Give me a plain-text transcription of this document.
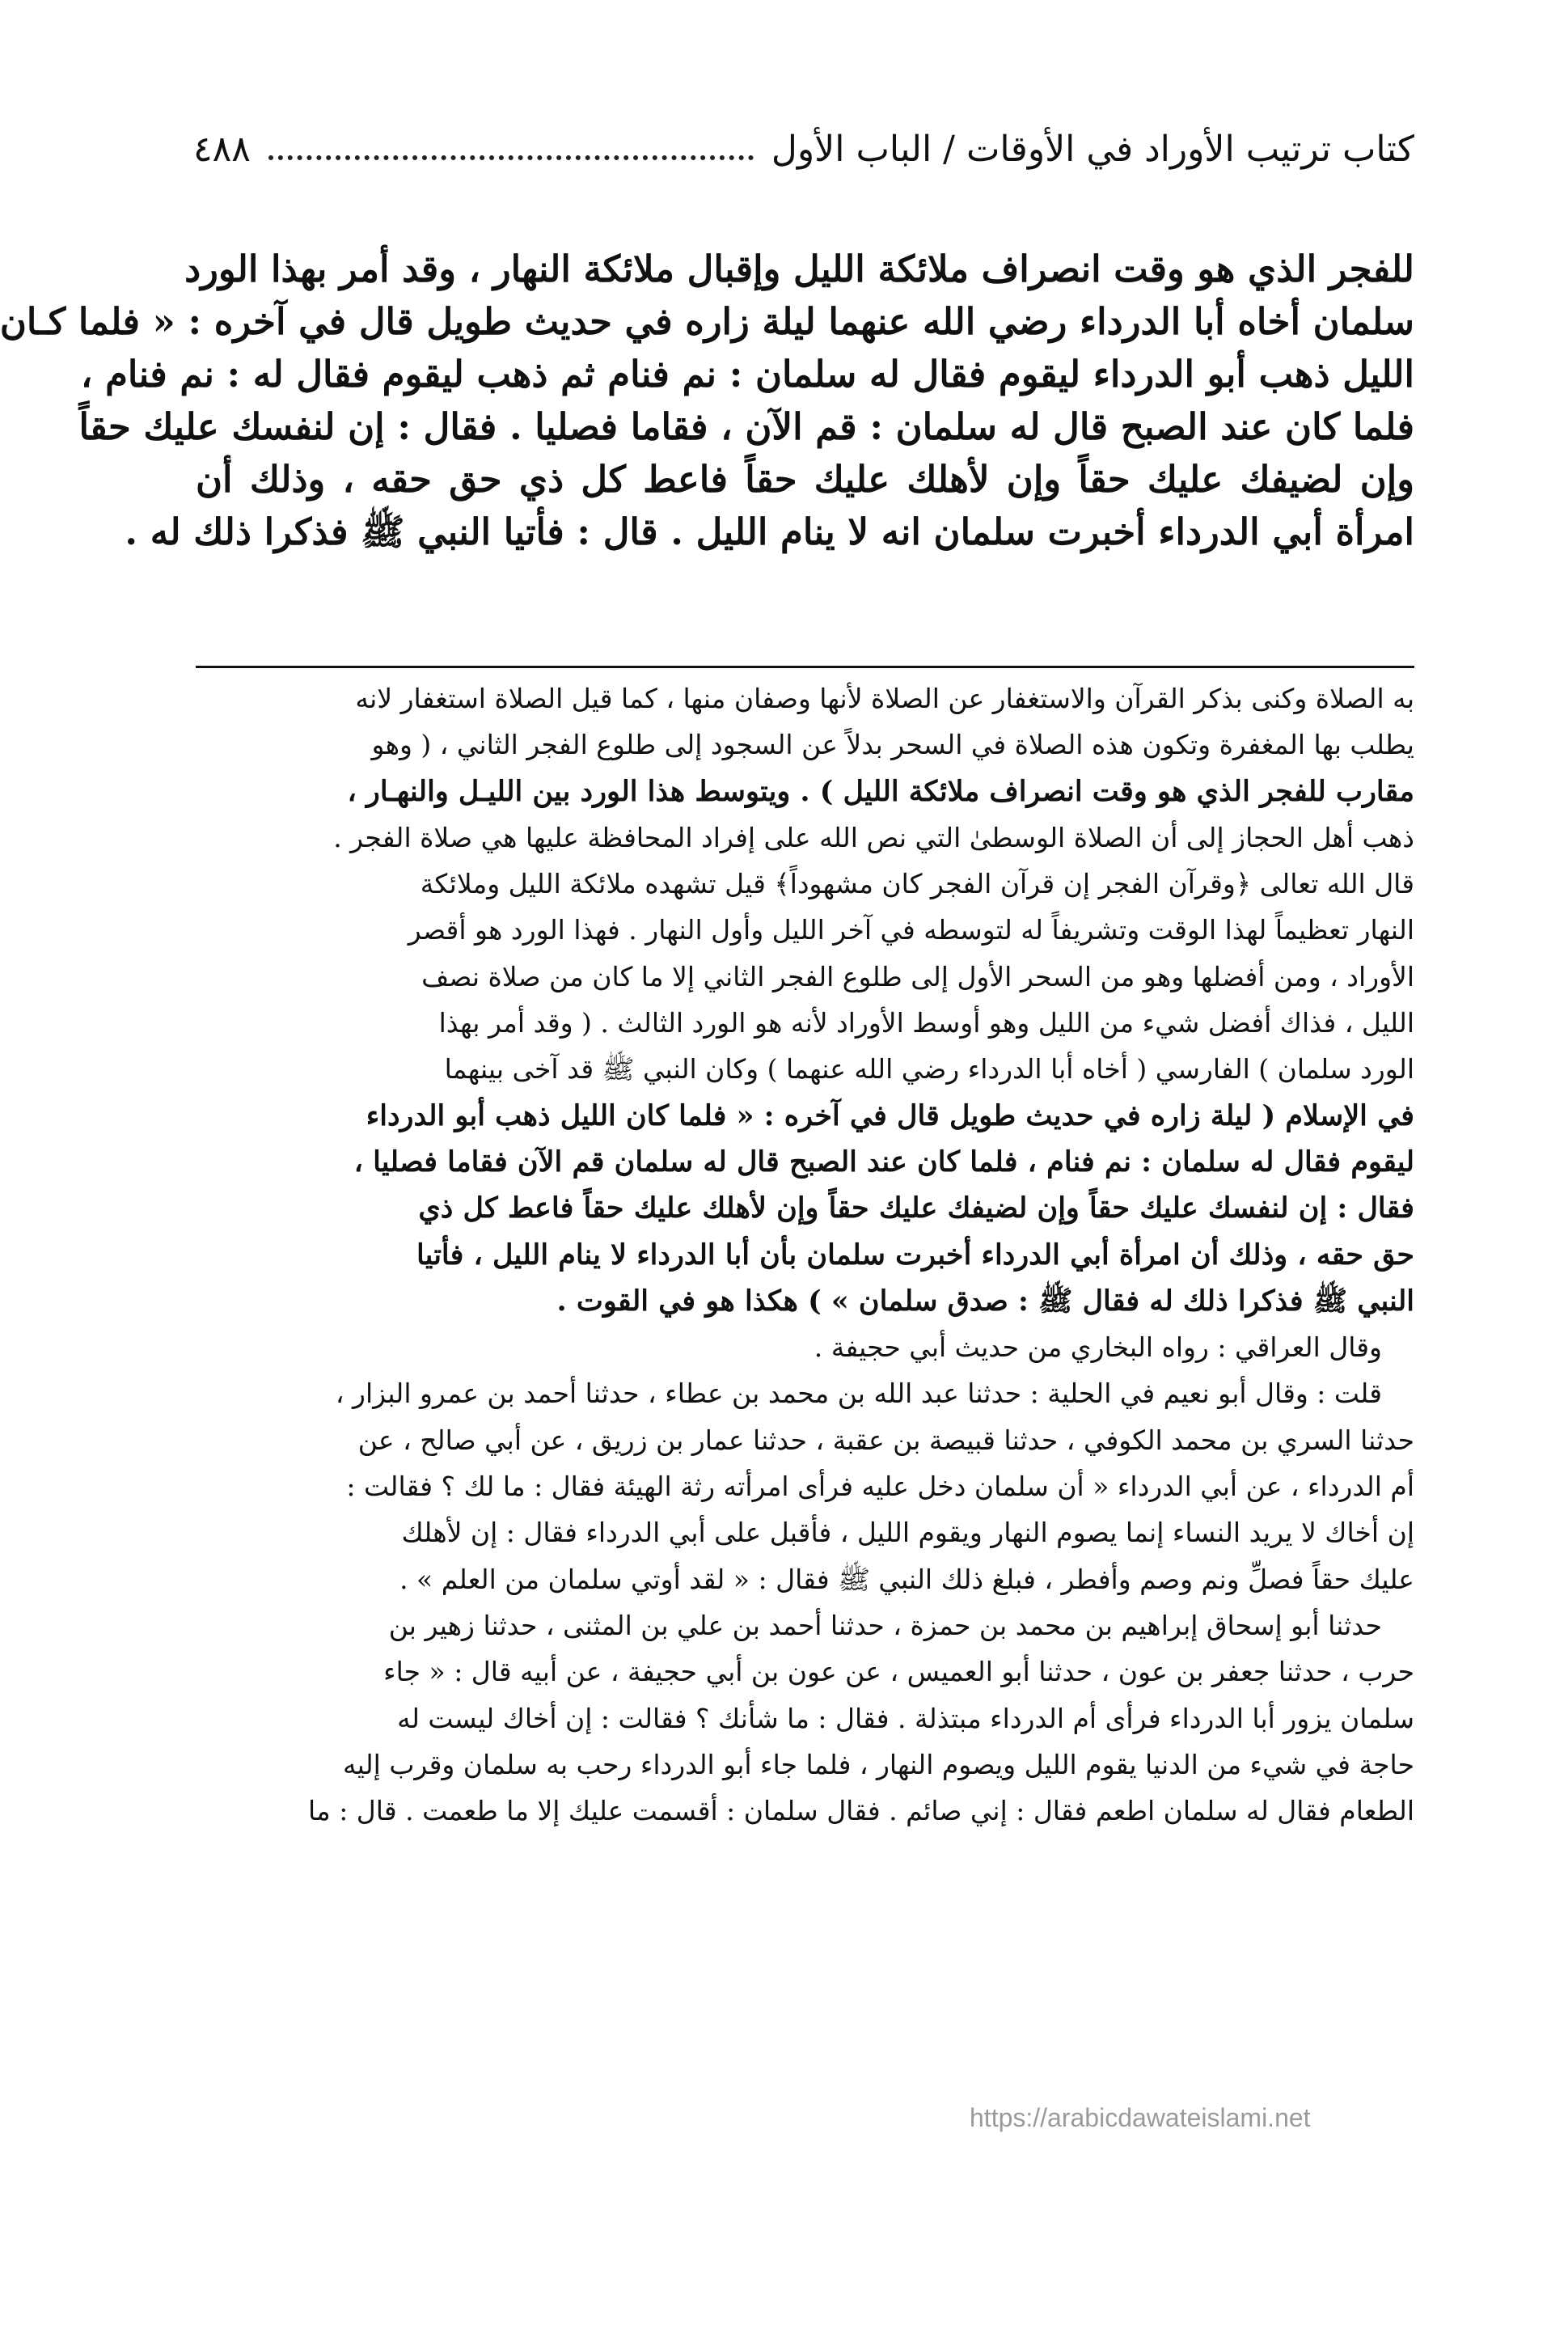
كتاب ترتيب الأوراد في الأوقات / الباب الأول
٤٨٨
للفجر الذي هو وقت انصراف ملائكة الليل وإقبال ملائكة النهار ، وقد أمر بهذا الورد
سلمان أخاه أبا الدرداء رضي الله عنهما ليلة زاره في حديث طويل قال في آخره : « فلما كـان
الليل ذهب أبو الدرداء ليقوم فقال له سلمان : نم فنام ثم ذهب ليقوم فقال له : نم فنام ،
فلما كان عند الصبح قال له سلمان : قم الآن ، فقاما فصليا . فقال : إن لنفسك عليك حقاً
وإن لضيفك عليك حقاً وإن لأهلك عليك حقاً فاعط كل ذي حق حقه ، وذلك أن
امرأة أبي الدرداء أخبرت سلمان انه لا ينام الليل . قال : فأتيا النبي ﷺ فذكرا ذلك له .
به الصلاة وكنى بذكر القرآن والاستغفار عن الصلاة لأنها وصفان منها ، كما قيل الصلاة استغفار لانه
يطلب بها المغفرة وتكون هذه الصلاة في السحر بدلاً عن السجود إلى طلوع الفجر الثاني ، ( وهو
مقارب للفجر الذي هو وقت انصراف ملائكة الليل ) . ويتوسط هذا الورد بين الليـل والنهـار ،
ذهب أهل الحجاز إلى أن الصلاة الوسطىٰ التي نص الله على إفراد المحافظة عليها هي صلاة الفجر .
قال الله تعالى ﴿وقرآن الفجر إن قرآن الفجر كان مشهوداً﴾ قيل تشهده ملائكة الليل وملائكة
النهار تعظيماً لهذا الوقت وتشريفاً له لتوسطه في آخر الليل وأول النهار . فهذا الورد هو أقصر
الأوراد ، ومن أفضلها وهو من السحر الأول إلى طلوع الفجر الثاني إلا ما كان من صلاة نصف
الليل ، فذاك أفضل شيء من الليل وهو أوسط الأوراد لأنه هو الورد الثالث . ( وقد أمر بهذا
الورد سلمان ) الفارسي ( أخاه أبا الدرداء رضي الله عنهما ) وكان النبي ﷺ قد آخى بينهما
في الإسلام ( ليلة زاره في حديث طويل قال في آخره : « فلما كان الليل ذهب أبو الدرداء
ليقوم فقال له سلمان : نم فنام ، فلما كان عند الصبح قال له سلمان قم الآن فقاما فصليا ،
فقال : إن لنفسك عليك حقاً وإن لضيفك عليك حقاً وإن لأهلك عليك حقاً فاعط كل ذي
حق حقه ، وذلك أن امرأة أبي الدرداء أخبرت سلمان بأن أبا الدرداء لا ينام الليل ، فأتيا
النبي ﷺ فذكرا ذلك له فقال ﷺ : صدق سلمان » ) هكذا هو في القوت .
وقال العراقي : رواه البخاري من حديث أبي حجيفة .
قلت : وقال أبو نعيم في الحلية : حدثنا عبد الله بن محمد بن عطاء ، حدثنا أحمد بن عمرو البزار ،
حدثنا السري بن محمد الكوفي ، حدثنا قبيصة بن عقبة ، حدثنا عمار بن زريق ، عن أبي صالح ، عن
أم الدرداء ، عن أبي الدرداء « أن سلمان دخل عليه فرأى امرأته رثة الهيئة فقال : ما لك ؟ فقالت :
إن أخاك لا يريد النساء إنما يصوم النهار ويقوم الليل ، فأقبل على أبي الدرداء فقال : إن لأهلك
عليك حقاً فصلِّ ونم وصم وأفطر ، فبلغ ذلك النبي ﷺ فقال : « لقد أوتي سلمان من العلم » .
حدثنا أبو إسحاق إبراهيم بن محمد بن حمزة ، حدثنا أحمد بن علي بن المثنى ، حدثنا زهير بن
حرب ، حدثنا جعفر بن عون ، حدثنا أبو العميس ، عن عون بن أبي حجيفة ، عن أبيه قال : « جاء
سلمان يزور أبا الدرداء فرأى أم الدرداء مبتذلة . فقال : ما شأنك ؟ فقالت : إن أخاك ليست له
حاجة في شيء من الدنيا يقوم الليل ويصوم النهار ، فلما جاء أبو الدرداء رحب به سلمان وقرب إليه
الطعام فقال له سلمان اطعم فقال : إني صائم . فقال سلمان : أقسمت عليك إلا ما طعمت . قال : ما
https://arabicdawateislami.net
